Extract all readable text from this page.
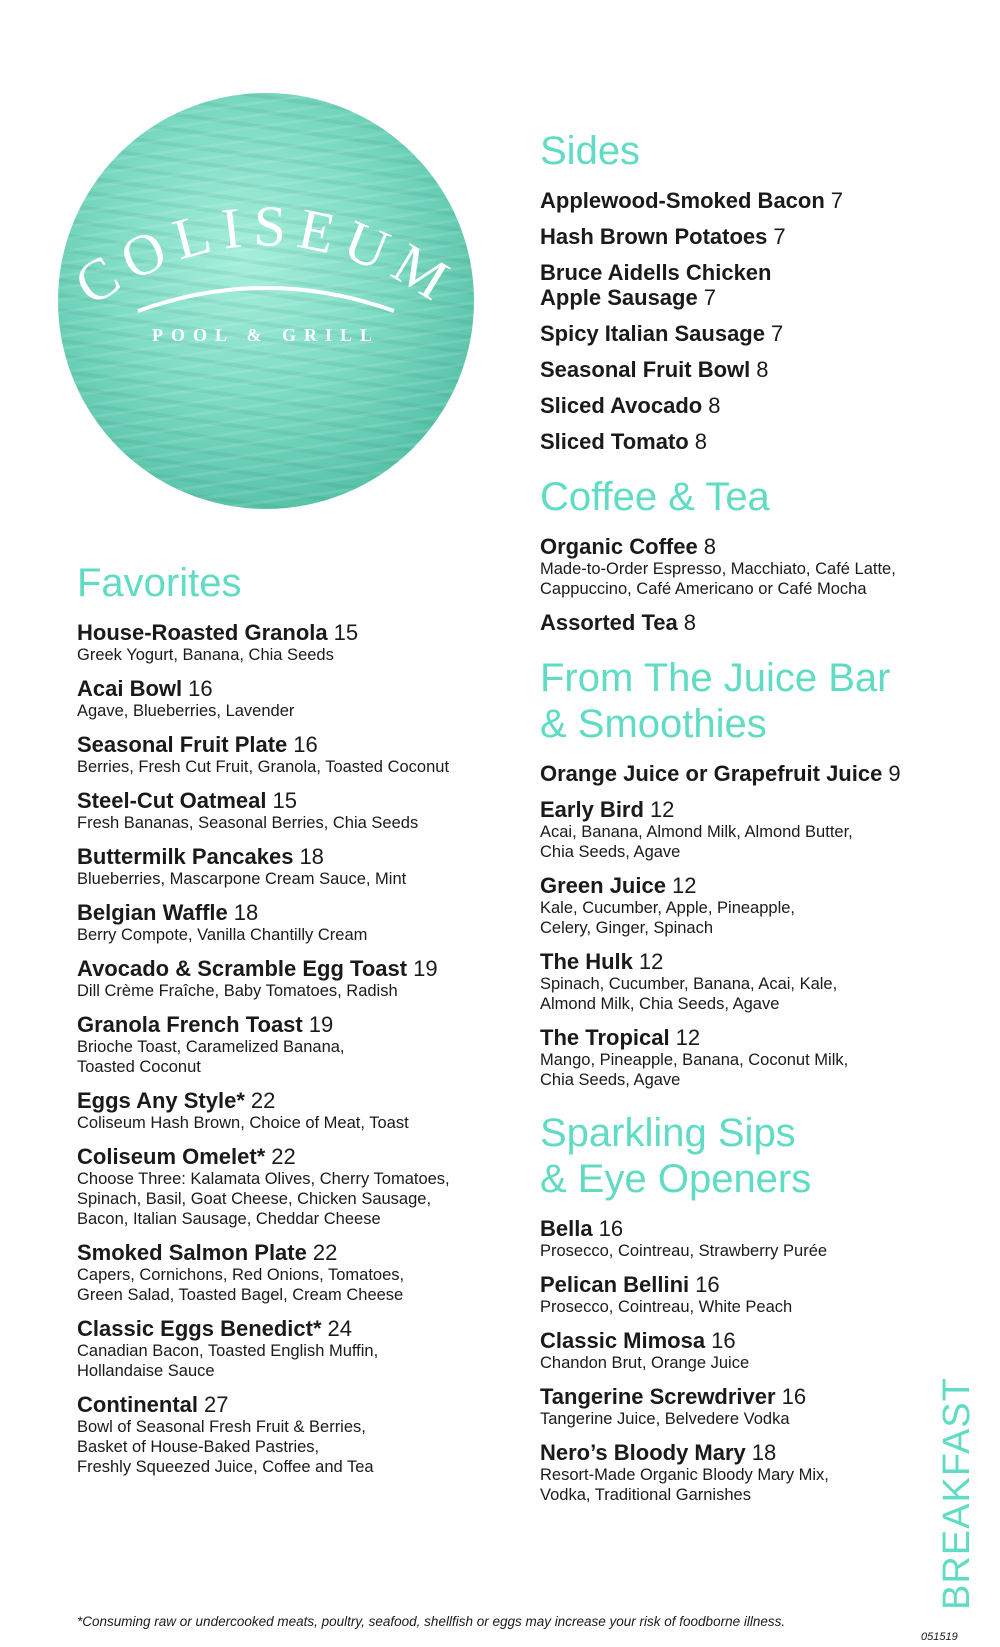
COLISEUM
POOL & GRILL
Favorites
House-Roasted Granola 15
Greek Yogurt, Banana, Chia Seeds
Acai Bowl 16
Agave, Blueberries, Lavender
Seasonal Fruit Plate 16
Berries, Fresh Cut Fruit, Granola, Toasted Coconut
Steel-Cut Oatmeal 15
Fresh Bananas, Seasonal Berries, Chia Seeds
Buttermilk Pancakes 18
Blueberries, Mascarpone Cream Sauce, Mint
Belgian Waffle 18
Berry Compote, Vanilla Chantilly Cream
Avocado & Scramble Egg Toast 19
Dill Crème Fraîche, Baby Tomatoes, Radish
Granola French Toast 19
Brioche Toast, Caramelized Banana,
Toasted Coconut
Eggs Any Style* 22
Coliseum Hash Brown, Choice of Meat, Toast
Coliseum Omelet* 22
Choose Three: Kalamata Olives, Cherry Tomatoes,
Spinach, Basil, Goat Cheese, Chicken Sausage,
Bacon, Italian Sausage, Cheddar Cheese
Smoked Salmon Plate 22
Capers, Cornichons, Red Onions, Tomatoes,
Green Salad, Toasted Bagel, Cream Cheese
Classic Eggs Benedict* 24
Canadian Bacon, Toasted English Muffin,
Hollandaise Sauce
Continental 27
Bowl of Seasonal Fresh Fruit & Berries,
Basket of House-Baked Pastries,
Freshly Squeezed Juice, Coffee and Tea
Sides
Applewood-Smoked Bacon 7
Hash Brown Potatoes 7
Bruce Aidells Chicken
Apple Sausage 7
Spicy Italian Sausage 7
Seasonal Fruit Bowl 8
Sliced Avocado 8
Sliced Tomato 8
Coffee & Tea
Organic Coffee 8
Made-to-Order Espresso, Macchiato, Café Latte,
Cappuccino, Café Americano or Café Mocha
Assorted Tea 8
From The Juice Bar
& Smoothies
Orange Juice or Grapefruit Juice 9
Early Bird 12
Acai, Banana, Almond Milk, Almond Butter,
Chia Seeds, Agave
Green Juice 12
Kale, Cucumber, Apple, Pineapple,
Celery, Ginger, Spinach
The Hulk 12
Spinach, Cucumber, Banana, Acai, Kale,
Almond Milk, Chia Seeds, Agave
The Tropical 12
Mango, Pineapple, Banana, Coconut Milk,
Chia Seeds, Agave
Sparkling Sips
& Eye Openers
Bella 16
Prosecco, Cointreau, Strawberry Purée
Pelican Bellini 16
Prosecco, Cointreau, White Peach
Classic Mimosa 16
Chandon Brut, Orange Juice
Tangerine Screwdriver 16
Tangerine Juice, Belvedere Vodka
Nero’s Bloody Mary 18
Resort-Made Organic Bloody Mary Mix,
Vodka, Traditional Garnishes	BREAKFAST
*Consuming raw or undercooked meats, poultry, seafood, shellfish or eggs may increase your risk of foodborne illness.
051519
